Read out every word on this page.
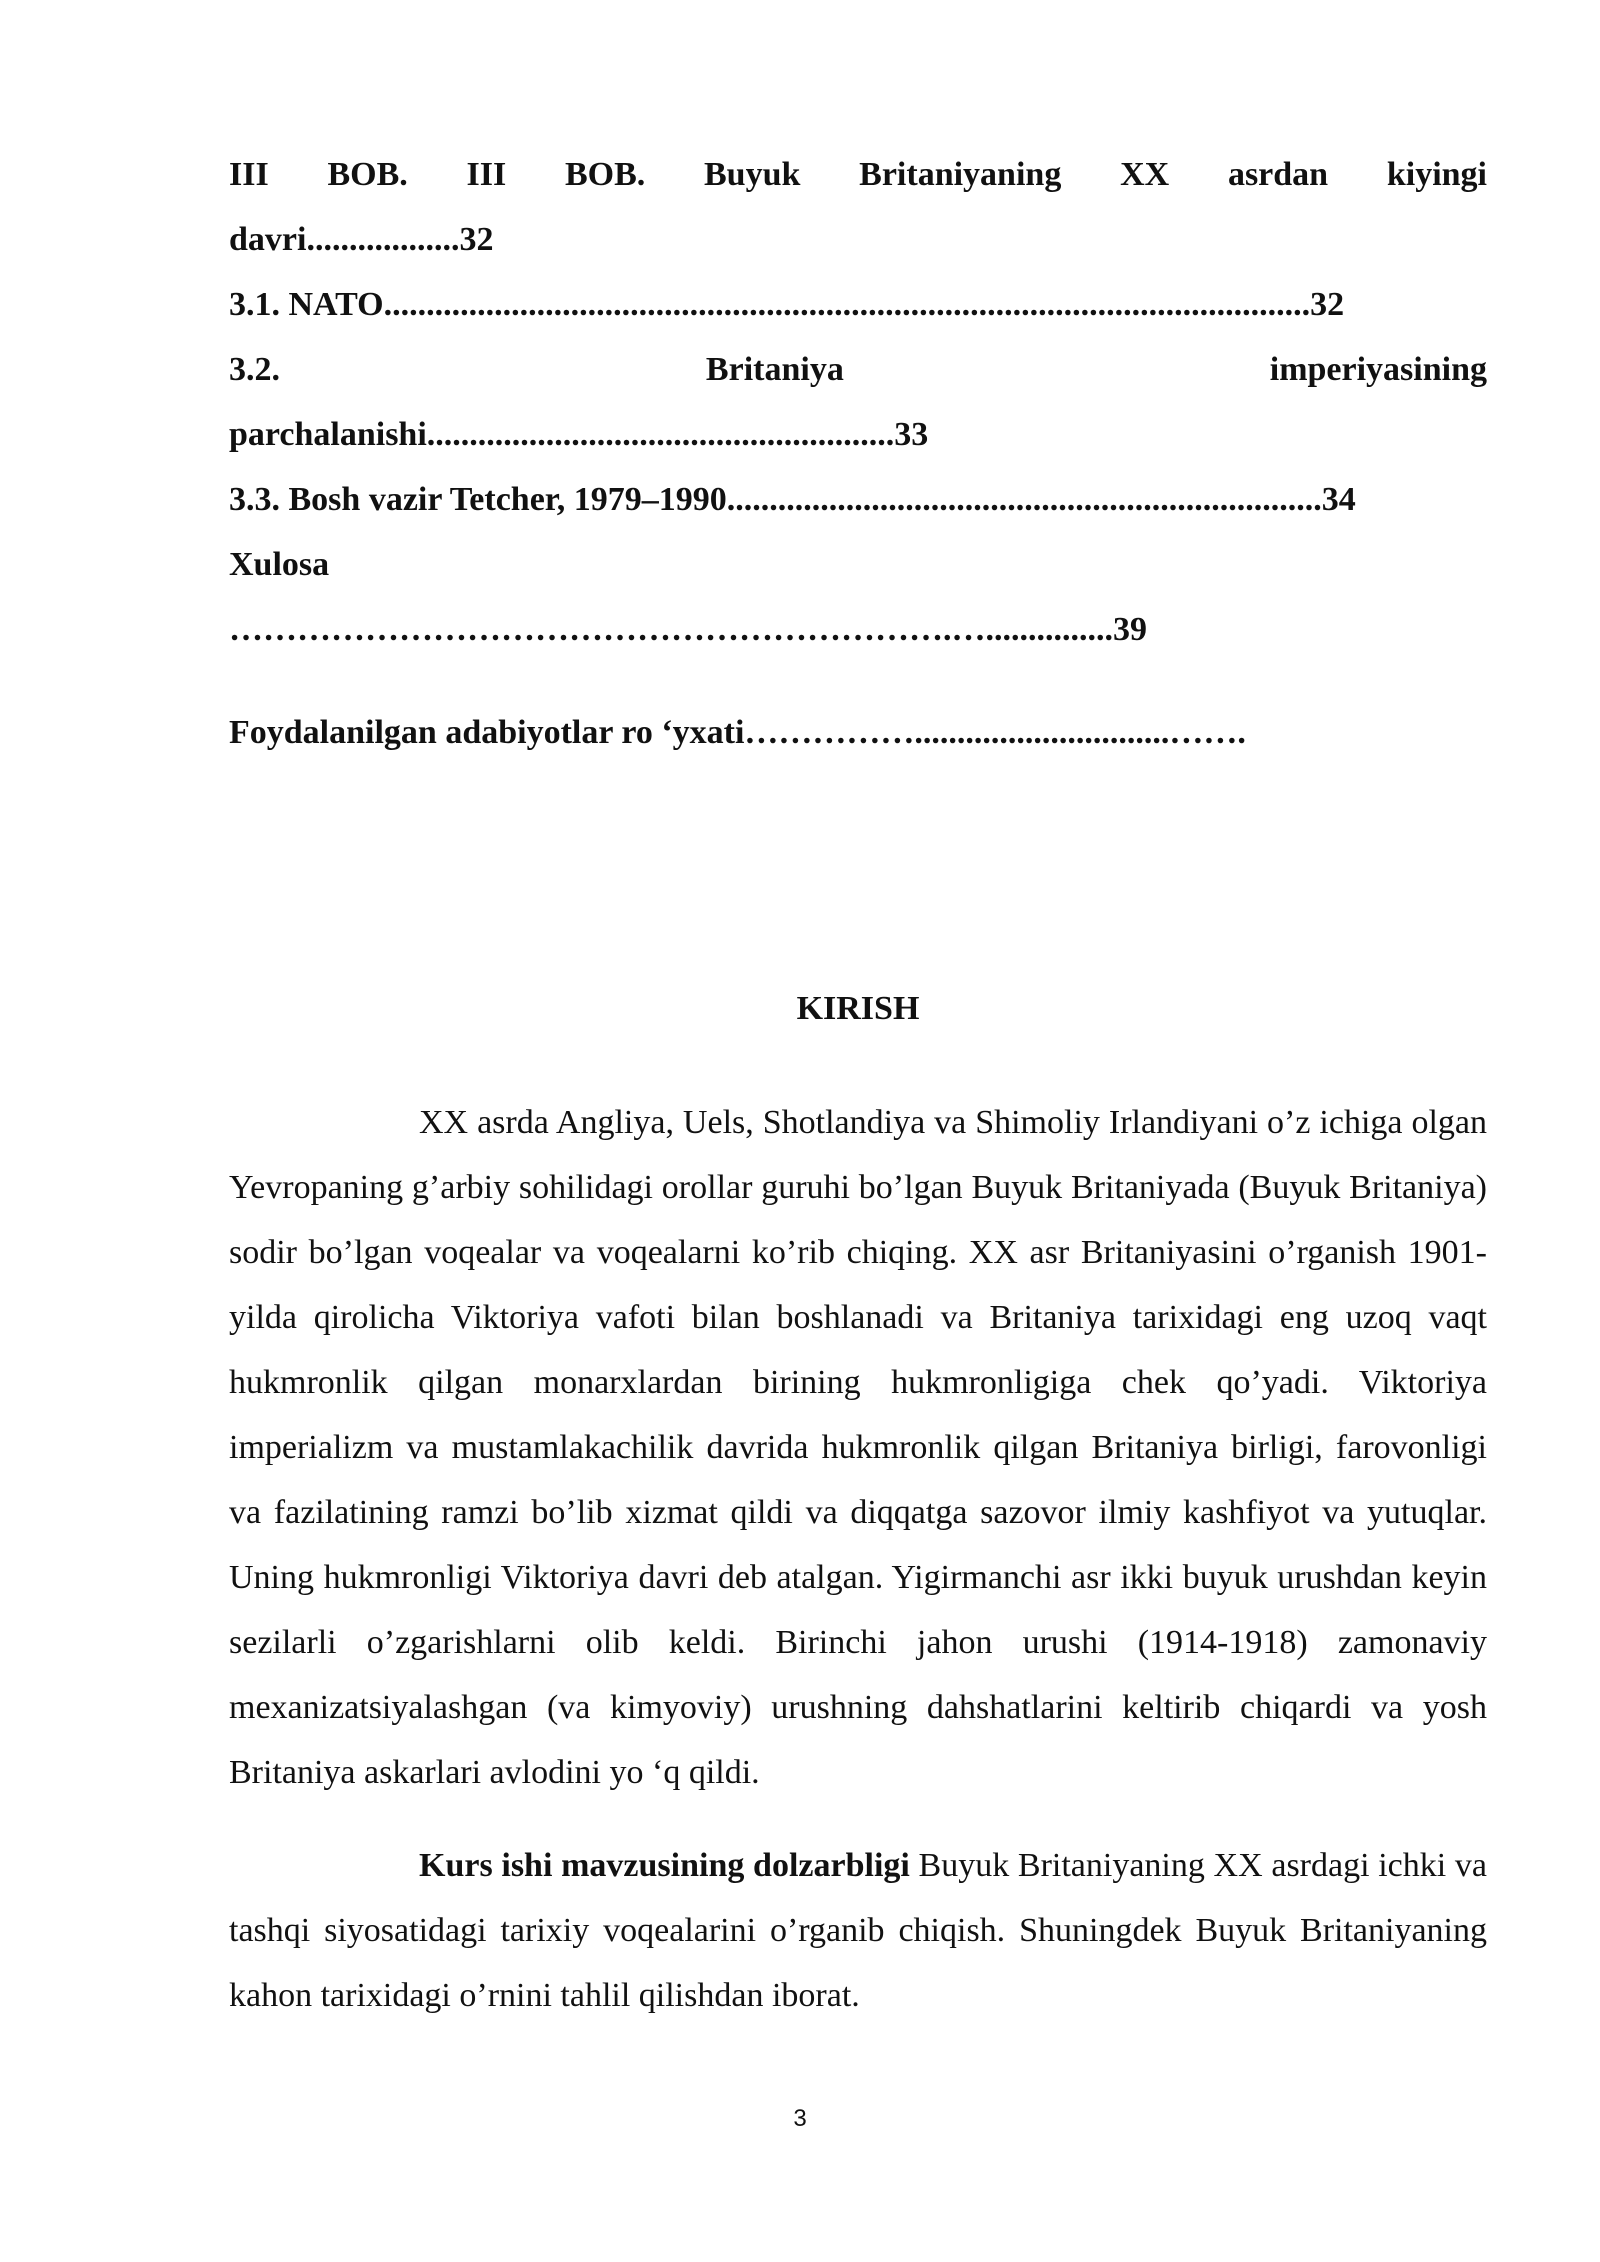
III BOB. III BOB. Buyuk Britaniyaning XX asrdan kiyingi
davri..................32
3.1. NATO.............................................................................................................32
3.2. Britaniya imperiyasining
parchalanishi.......................................................33
3.3. Bosh vazir Tetcher, 1979–1990......................................................................34
Xulosa
……………………………………………………….…...............39
Foydalanilgan adabiyotlar ro ‘yxati……………..............................…….
KIRISH

XX asrda Angliya, Uels, Shotlandiya va Shimoliy Irlandiyani o’z ichiga olgan Yevropaning g’arbiy sohilidagi orollar guruhi bo’lgan Buyuk Britaniyada (Buyuk Britaniya) sodir bo’lgan voqealar va voqealarni ko’rib chiqing. XX asr Britaniyasini o’rganish 1901-yilda qirolicha Viktoriya vafoti bilan boshlanadi va Britaniya tarixidagi eng uzoq vaqt hukmronlik qilgan monarxlardan birining hukmronligiga chek qo’yadi. Viktoriya imperializm va mustamlakachilik davrida hukmronlik qilgan Britaniya birligi, farovonligi va fazilatining ramzi bo’lib xizmat qildi va diqqatga sazovor ilmiy kashfiyot va yutuqlar. Uning hukmronligi Viktoriya davri deb atalgan. Yigirmanchi asr ikki buyuk urushdan keyin sezilarli o’zgarishlarni olib keldi. Birinchi jahon urushi (1914-1918) zamonaviy mexanizatsiyalashgan (va kimyoviy) urushning dahshatlarini keltirib chiqardi va yosh Britaniya askarlari avlodini yo ‘q qildi.

Kurs ishi mavzusining dolzarbligi Buyuk Britaniyaning XX asrdagi ichki va tashqi siyosatidagi tarixiy voqealarini o’rganib chiqish. Shuningdek Buyuk Britaniyaning kahon tarixidagi o’rnini tahlil qilishdan iborat.

3
